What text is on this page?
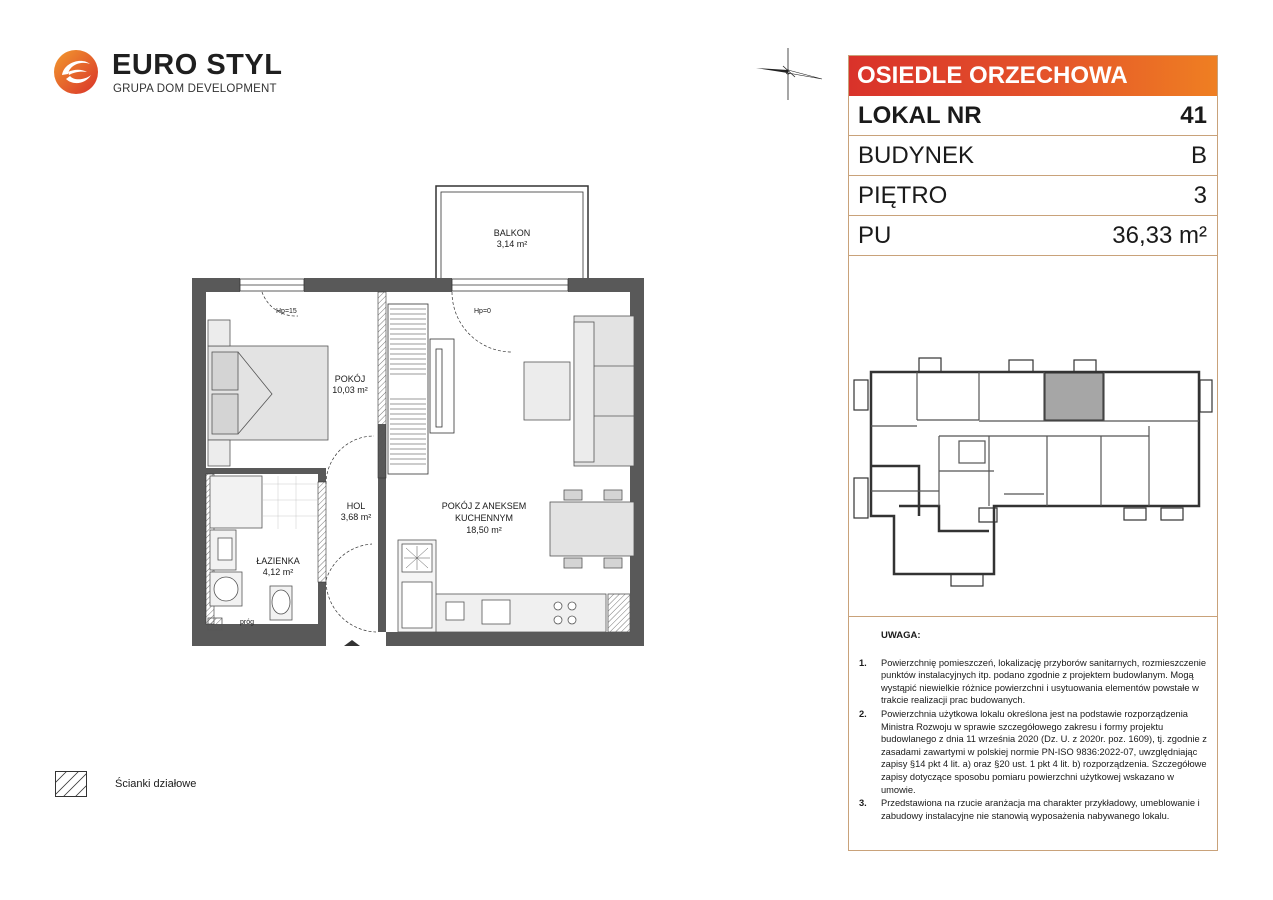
EURO STYL
GRUPA DOM DEVELOPMENT	OSIEDLE ORZECHOWA
LOKAL NR	41
BUDYNEK	B
PIĘTRO	3
PU	36,33 m²
UWAGA:
1. Powierzchnię pomieszczeń, lokalizację przyborów sanitarnych, rozmieszczenie punktów instalacyjnych itp. podano zgodnie z projektem budowlanym. Mogą wystąpić niewielkie różnice powierzchni i usytuowania elementów powstałe w trakcie realizacji prac budowanych.
2. Powierzchnia użytkowa lokalu określona jest na podstawie rozporządzenia Ministra Rozwoju w sprawie szczegółowego zakresu i formy projektu budowlanego z dnia 11 września 2020 (Dz. U. z 2020r. poz. 1609), tj. zgodnie z zasadami zawartymi w polskiej normie PN-ISO 9836:2022-07, uwzględniając zapisy §14 pkt 4 lit. a) oraz §20 ust. 1 pkt 4 lit. b) rozporządzenia. Szczegółowe zapisy dotyczące sposobu pomiaru powierzchni użytkowej wskazano w umowie.
3. Przedstawiona na rzucie aranżacja ma charakter przykładowy, umeblowanie i zabudowy instalacyjne nie stanowią wyposażenia nabywanego lokalu.
BALKON
3,14 m²
POKÓJ
10,03 m²
HOL
3,68 m²
POKÓJ Z ANEKSEM
KUCHENNYM
18,50 m²
ŁAZIENKA
4,12 m²
Hp=15	Hp=0
próg
Ścianki działowe
